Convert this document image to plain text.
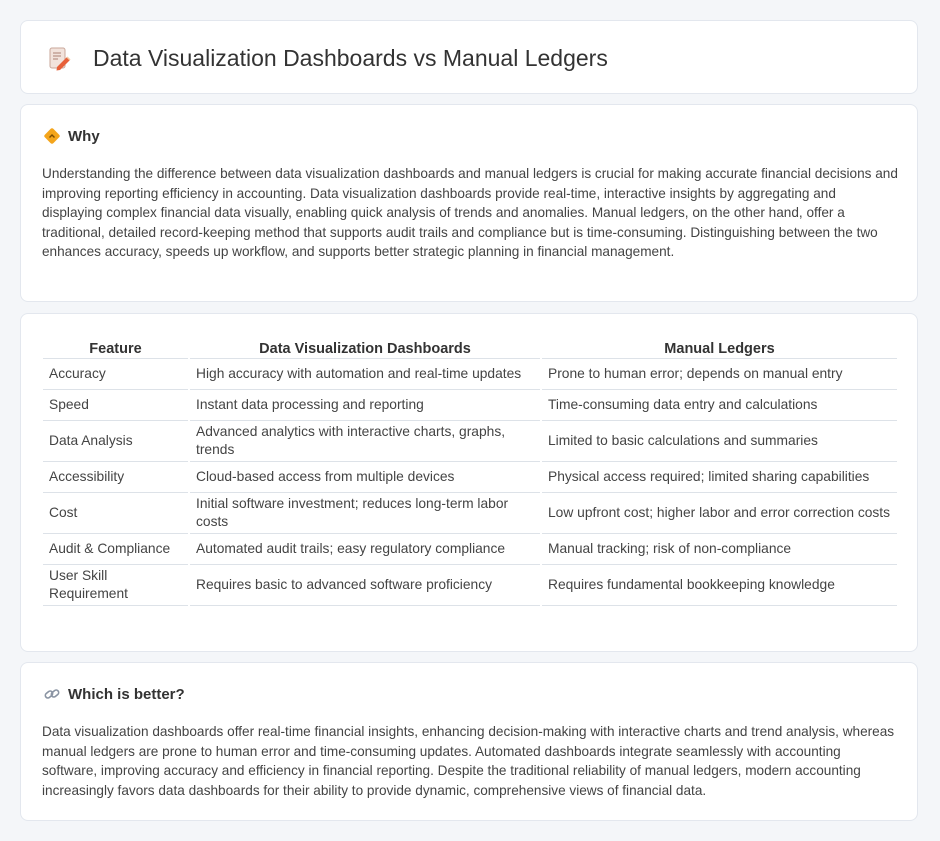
Data Visualization Dashboards vs Manual Ledgers
Why

Understanding the difference between data visualization dashboards and manual ledgers is crucial for making accurate financial decisions and improving reporting efficiency in accounting. Data visualization dashboards provide real-time, interactive insights by aggregating and displaying complex financial data visually, enabling quick analysis of trends and anomalies. Manual ledgers, on the other hand, offer a traditional, detailed record-keeping method that supports audit trails and compliance but is time-consuming. Distinguishing between the two enhances accuracy, speeds up workflow, and supports better strategic planning in financial management.

Feature	Data Visualization Dashboards	Manual Ledgers
Accuracy	High accuracy with automation and real-time updates	Prone to human error; depends on manual entry
Speed	Instant data processing and reporting	Time-consuming data entry and calculations
Data Analysis	Advanced analytics with interactive charts, graphs, trends	Limited to basic calculations and summaries
Accessibility	Cloud-based access from multiple devices	Physical access required; limited sharing capabilities
Cost	Initial software investment; reduces long-term labor costs	Low upfront cost; higher labor and error correction costs
Audit & Compliance	Automated audit trails; easy regulatory compliance	Manual tracking; risk of non-compliance
User Skill Requirement	Requires basic to advanced software proficiency	Requires fundamental bookkeeping knowledge
Which is better?

Data visualization dashboards offer real-time financial insights, enhancing decision-making with interactive charts and trend analysis, whereas manual ledgers are prone to human error and time-consuming updates. Automated dashboards integrate seamlessly with accounting software, improving accuracy and efficiency in financial reporting. Despite the traditional reliability of manual ledgers, modern accounting increasingly favors data dashboards for their ability to provide dynamic, comprehensive views of financial data.
